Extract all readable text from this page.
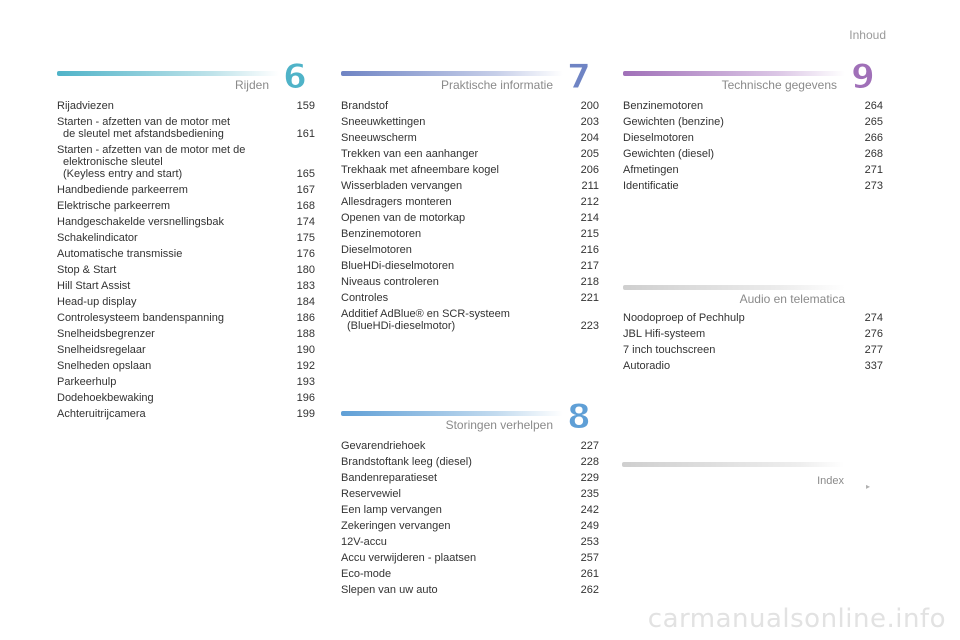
Inhoud
Rijden 6
Rijadviezen	159
Starten - afzetten van de motor met
de sleutel met afstandsbediening	161
Starten - afzetten van de motor met de
elektronische sleutel
(Keyless entry and start)	165
Handbediende parkeerrem	167
Elektrische parkeerrem	168
Handgeschakelde versnellingsbak	174
Schakelindicator	175
Automatische transmissie	176
Stop & Start	180
Hill Start Assist	183
Head-up display	184
Controlesysteem bandenspanning	186
Snelheidsbegrenzer	188
Snelheidsregelaar	190
Snelheden opslaan	192
Parkeerhulp	193
Dodehoekbewaking	196
Achteruitrijcamera	199
Praktische informatie 7
Brandstof	200
Sneeuwkettingen	203
Sneeuwscherm	204
Trekken van een aanhanger	205
Trekhaak met afneembare kogel	206
Wisserbladen vervangen	211
Allesdragers monteren	212
Openen van de motorkap	214
Benzinemotoren	215
Dieselmotoren	216
BlueHDi-dieselmotoren	217
Niveaus controleren	218
Controles	221
Additief AdBlue® en SCR-systeem
(BlueHDi-dieselmotor)	223
Storingen verhelpen 8
Gevarendriehoek	227
Brandstoftank leeg (diesel)	228
Bandenreparatieset	229
Reservewiel	235
Een lamp vervangen	242
Zekeringen vervangen	249
12V-accu	253
Accu verwijderen - plaatsen	257
Eco-mode	261
Slepen van uw auto	262
Technische gegevens 9
Benzinemotoren	264
Gewichten (benzine)	265
Dieselmotoren	266
Gewichten (diesel)	268
Afmetingen	271
Identificatie	273
Audio en telematica
Noodoproep of Pechhulp	274
JBL Hifi-systeem	276
7 inch touchscreen	277
Autoradio	337
Index	▸
carmanualsonline.info
